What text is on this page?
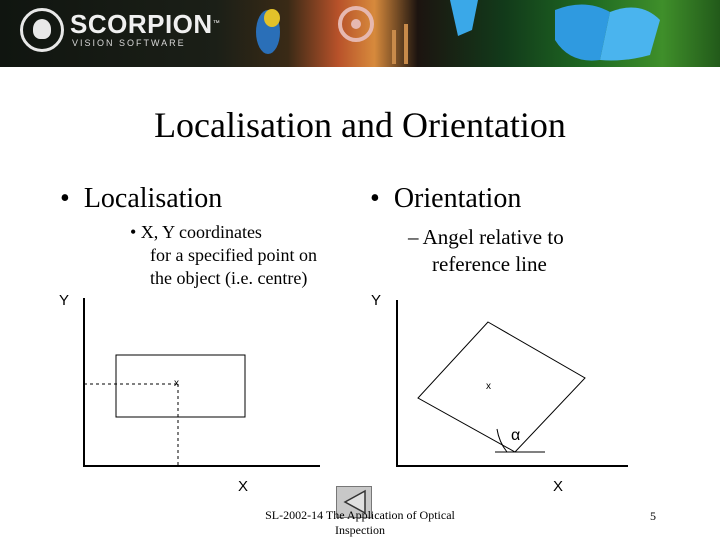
SCORPION™
VISION SOFTWARE
Localisation and Orientation
• Localisation
• X, Y coordinates
for a specified point on
the object (i.e. centre)
• Orientation
– Angel relative to
reference line
Y
X
x
Y
X
x
α
SL-2002-14 The Application of Optical
Inspection
5
